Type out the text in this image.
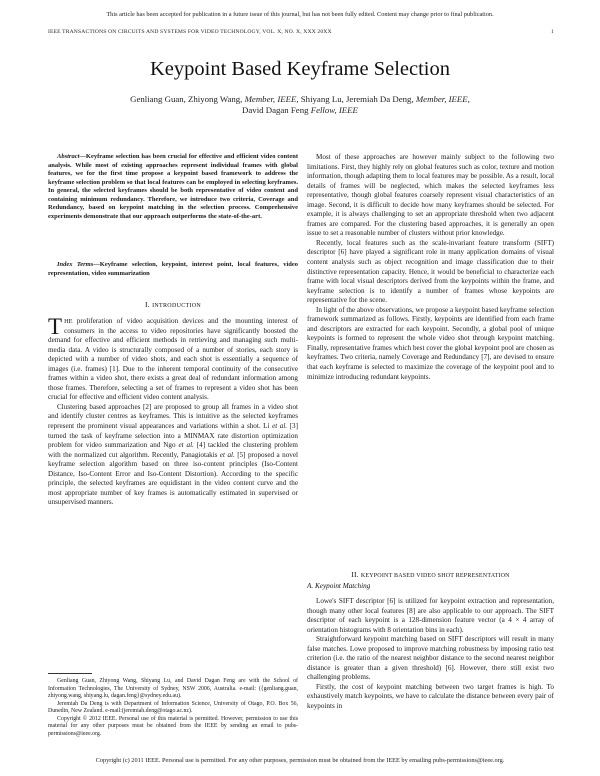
This article has been accepted for publication in a future issue of this journal, but has not been fully edited. Content may change prior to final publication.
IEEE TRANSACTIONS ON CIRCUITS AND SYSTEMS FOR VIDEO TECHNOLOGY, VOL. X, NO. X, XXX 20XX	1
Keypoint Based Keyframe Selection
Genliang Guan, Zhiyong Wang, Member, IEEE, Shiyang Lu, Jeremiah Da Deng, Member, IEEE,
David Dagan Feng Fellow, IEEE

Abstract—Keyframe selection has been crucial for effective and efficient video content analysis. While most of existing approaches represent individual frames with global features, we for the first time propose a keypoint based framework to address the keyframe selection problem so that local features can be employed in selecting keyframes. In general, the selected keyframes should be both representative of video content and containing minimum redundancy. Therefore, we introduce two criteria, Coverage and Redundancy, based on keypoint matching in the selection process. Comprehensive experiments demonstrate that our approach outperforms the state-of-the-art.

Index Terms—Keyframe selection, keypoint, interest point, local features, video representation, video summarization

I. INTRODUCTION

THE proliferation of video acquisition devices and the mounting interest of consumers in the access to video repositories have significantly boosted the demand for effective and efficient methods in retrieving and managing such multi-media data. A video is structurally composed of a number of stories, each story is depicted with a number of video shots, and each shot is essentially a sequence of images (i.e. frames) [1]. Due to the inherent temporal continuity of the consecutive frames within a video shot, there exists a great deal of redundant information among those frames. Therefore, selecting a set of frames to represent a video shot has been crucial for effective and efficient video content analysis.

Clustering based approaches [2] are proposed to group all frames in a video shot and identify cluster centres as keyframes. This is intuitive as the selected keyframes represent the prominent visual appearances and variations within a shot. Li et al. [3] turned the task of keyframe selection into a MINMAX rate distortion optimization problem for video summarization and Ngo et al. [4] tackled the clustering problem with the normalized cut algorithm. Recently, Panagiotakis et al. [5] proposed a novel keyframe selection algorithm based on three iso-content principles (Iso-Content Distance, Iso-Content Error and Iso-Content Distortion). According to the specific principle, the selected keyframes are equidistant in the video content curve and the most appropriate number of key frames is automatically estimated in supervised or unsupervised manners.

Genliang Guan, Zhiyong Wang, Shiyang Lu, and David Dagan Feng are with the School of Information Technologies, The University of Sydney, NSW 2006, Australia. e-mail: ({genliang.guan, zhiyong.wang, shiyang.lu, dagan.feng}@sydney.edu.au).

Jeremiah Da Deng is with Department of Information Science, University of Otago, P.O. Box 56, Dunedin, New Zealand. e-mail:(jeremiah.deng@otago.ac.nz).

Copyright © 2012 IEEE. Personal use of this material is permitted. However, permission to use this material for any other purposes must be obtained from the IEEE by sending an email to pubs-permissions@ieee.org.

Most of these approaches are however mainly subject to the following two limitations. First, they highly rely on global features such as color, texture and motion information, though adapting them to local features may be possible. As a result, local details of frames will be neglected, which makes the selected keyframes less representative, though global features coarsely represent visual characteristics of an image. Second, it is difficult to decide how many keyframes should be selected. For example, it is always challenging to set an appropriate threshold when two adjacent frames are compared. For the clustering based approaches, it is generally an open issue to set a reasonable number of clusters without prior knowledge.

Recently, local features such as the scale-invariant feature transform (SIFT) descriptor [6] have played a significant role in many application domains of visual content analysis such as object recognition and image classification due to their distinctive representation capacity. Hence, it would be beneficial to characterize each frame with local visual descriptors derived from the keypoints within the frame, and keyframe selection is to identify a number of frames whose keypoints are representative for the scene.

In light of the above observations, we propose a keypoint based keyframe selection framework summarized as follows. Firstly, keypoints are identified from each frame and descriptors are extracted for each keypoint. Secondly, a global pool of unique keypoints is formed to represent the whole video shot through keypoint matching. Finally, representative frames which best cover the global keypoint pool are chosen as keyframes. Two criteria, namely Coverage and Redundancy [7], are devised to ensure that each keyframe is selected to maximize the coverage of the keypoint pool and to minimize introducing redundant keypoints.

II. KEYPOINT BASED VIDEO SHOT REPRESENTATION
A. Keypoint Matching

Lowe's SIFT descriptor [6] is utilized for keypoint extraction and representation, though many other local features [8] are also applicable to our approach. The SIFT descriptor of each keypoint is a 128-dimension feature vector (a 4 × 4 array of orientation histograms with 8 orientation bins in each).

Straightforward keypoint matching based on SIFT descriptors will result in many false matches. Lowe proposed to improve matching robustness by imposing ratio test criterion (i.e. the ratio of the nearest neighbor distance to the second nearest neighbor distance is greater than a given threshold) [6]. However, there still exist two challenging problems.

Firstly, the cost of keypoint matching between two target frames is high. To exhaustively match keypoints, we have to calculate the distance between every pair of keypoints in

Copyright (c) 2011 IEEE. Personal use is permitted. For any other purposes, permission must be obtained from the IEEE by emailing pubs-permissions@ieee.org.
